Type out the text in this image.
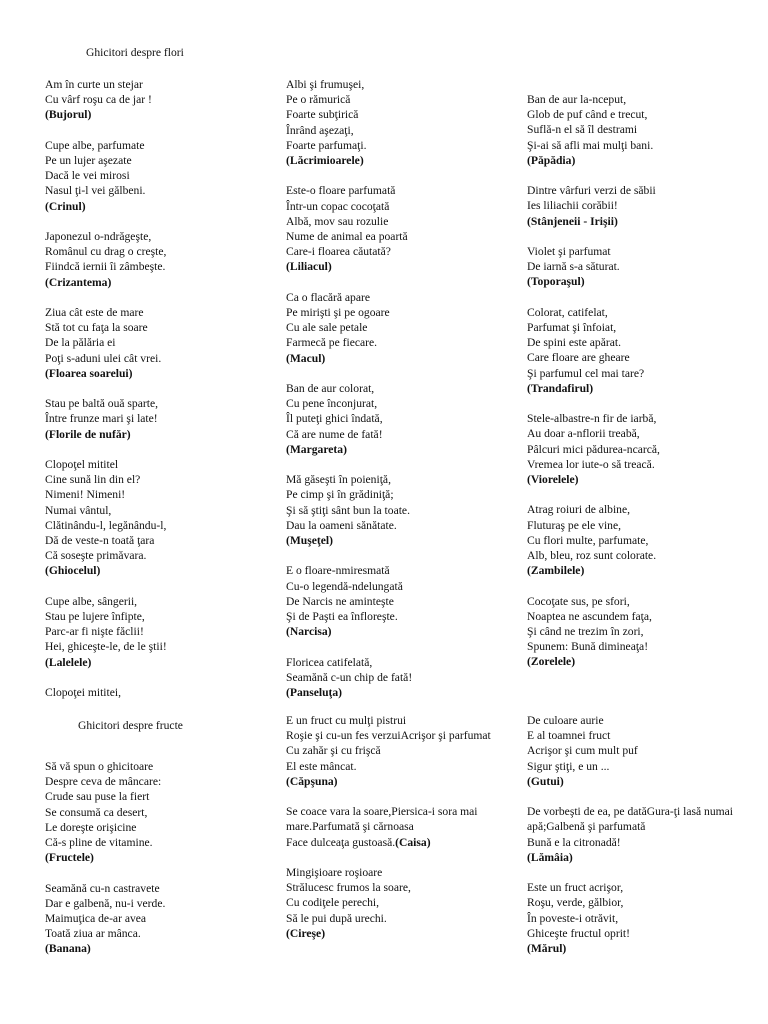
Ghicitori despre flori
Am în curte un stejar
Cu vârf roşu ca de jar !
(Bujorul)
Cupe albe, parfumate
Pe un lujer aşezate
Dacă le vei mirosi
Nasul ţi-l vei gălbeni.
(Crinul)
Japonezul o-ndrăgeşte,
Românul cu drag o creşte,
Fiindcă iernii îi zâmbeşte.
(Crizantema)
Ziua cât este de mare
Stă tot cu faţa la soare
De la pălăria ei
Poţi s-aduni ulei cât vrei.
(Floarea soarelui)
Stau pe baltă ouă sparte,
Între frunze mari şi late!
(Florile de nufăr)
Clopoţel mititel
Cine sună lin din el?
Nimeni! Nimeni!
Numai vântul,
Clătinându-l, legănându-l,
Dă de veste-n toată ţara
Că soseşte primăvara.
(Ghiocelul)
Cupe albe, sângerii,
Stau pe lujere înfipte,
Parc-ar fi nişte făclii!
Hei, ghiceşte-le, de le ştii!
(Lalelele)
Clopoţei mititei,
Albi şi frumuşei,
Pe o rămurică
Foarte subţirică
Înrând aşezaţi,
Foarte parfumaţi.
(Lăcrimioarele)
Este-o floare parfumată
Într-un copac cocoţată
Albă, mov sau rozulie
Nume de animal ea poartă
Care-i floarea căutată?
(Liliacul)
Ca o flacără apare
Pe mirişti şi pe ogoare
Cu ale sale petale
Farmecă pe fiecare.
(Macul)
Ban de aur colorat,
Cu pene înconjurat,
Îl puteţi ghici îndată,
Că are nume de fată!
(Margareta)
Mă găseşti în poieniţă,
Pe cimp şi în grădiniţă;
Şi să ştiţi sânt bun la toate.
Dau la oameni sănătate.
(Muşeţel)
E o floare-nmiresmată
Cu-o legendă-ndelungată
De Narcis ne aminteşte
Şi de Paşti ea înfloreşte.
(Narcisa)
Floricea catifelată,
Seamănă c-un chip de fată!
(Panseluţa)
Ban de aur la-nceput,
Glob de puf când e trecut,
Suflă-n el să îl destrami
Şi-ai să afli mai mulţi bani.
(Păpădia)
Dintre vârfuri verzi de săbii
Ies liliachii corăbii!
(Stânjeneii - Irişii)
Violet şi parfumat
De iarnă s-a săturat.
(Toporaşul)
Colorat, catifelat,
Parfumat şi înfoiat,
De spini este apărat.
Care floare are gheare
Şi parfumul cel mai tare?
(Trandafirul)
Stele-albastre-n fir de iarbă,
Au doar a-nflorii treabă,
Pâlcuri mici pădurea-ncarcă,
Vremea lor iute-o să treacă.
(Viorelele)
Atrag roiuri de albine,
Fluturaş pe ele vine,
Cu flori multe, parfumate,
Alb, bleu, roz sunt colorate.
(Zambilele)
Cocoţate sus, pe sfori,
Noaptea ne ascundem faţa,
Şi când ne trezim în zori,
Spunem: Bună dimineaţa!
(Zorelele)
Ghicitori despre fructe
Să vă spun o ghicitoare
Despre ceva de mâncare:
Crude sau puse la fiert
Se consumă ca desert,
Le doreşte orişicine
Că-s pline de vitamine.
(Fructele)
Seamănă cu-n castravete
Dar e galbenă, nu-i verde.
Maimuţica de-ar avea
Toată ziua ar mânca.
(Banana)
E un fruct cu mulţi pistrui
Roşie şi cu-un fes verzuiAcrişor şi parfumat
Cu zahăr şi cu frişcă
El este mâncat.
(Căpşuna)
Se coace vara la soare,Piersica-i sora mai mare.Parfumată şi cărnoasa
Face dulceaţa gustoasă.(Caisa)
Mingişioare roşioare
Strălucesc frumos la soare,
Cu codiţele perechi,
Să le pui după urechi.
(Cireşe)
De culoare aurie
E al toamnei fruct
Acrişor şi cum mult puf
Sigur ştiţi, e un ...
(Gutui)
De vorbeşti de ea, pe datăGura-ţi lasă numai apă;Galbenă şi parfumată
Bună e la citronadă!
(Lămâia)
Este un fruct acrişor,
Roşu, verde, gălbior,
În poveste-i otrăvit,
Ghiceşte fructul oprit!
(Mărul)
